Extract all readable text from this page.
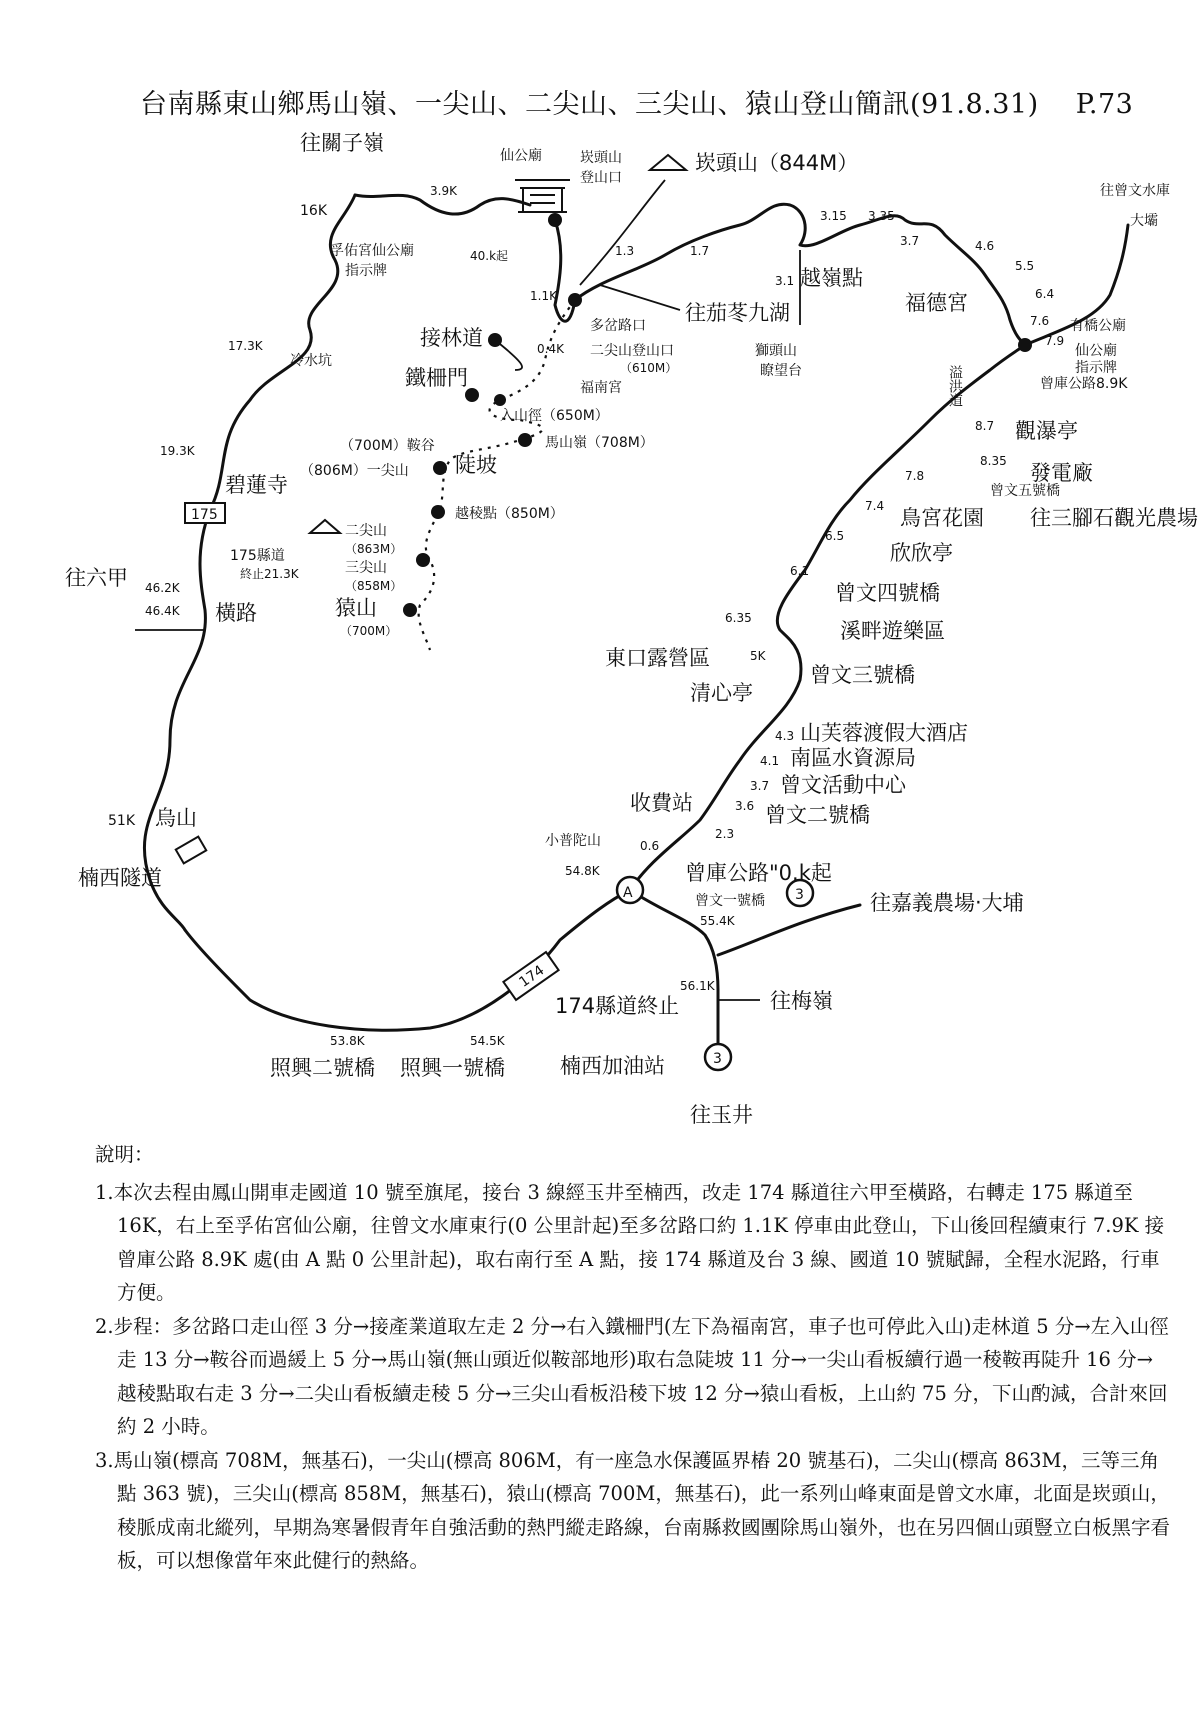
台南縣東山鄉馬山嶺、一尖山、二尖山、三尖山、猿山登山簡訊(91.8.31) P.73
A	3
3
175
174
往關子嶺
16K
3.9K
孚佑宮仙公廟
指示牌
17.3K
冷水坑
19.3K
碧蓮寺
175縣道
終止21.3K
往六甲 46.2K
46.4K 橫路
51K 烏山
楠西隧道
53.8K
照興二號橋
54.5K
照興一號橋
54.8K
174縣道終止
56.1K
楠西加油站
往玉井
往梅嶺
往嘉義農場‧大埔
55.4K
曾文一號橋
曾庫公路"0.k起
0.6
小普陀山
收費站
2.3
3.6 曾文二號橋
3.7 曾文活動中心
4.1 南區水資源局
4.3 山芙蓉渡假大酒店
清心亭
東口露營區	5K
曾文三號橋
6.35
溪畔遊樂區
6.1
曾文四號橋
6.5
欣欣亭
7.4 鳥宮花園
7.8
曾文五號橋
往三腳石觀光農場
8.35 發電廠
8.7 觀瀑亭
曾庫公路8.9K
7.9
仙公廟
指示牌
7.6 有橋公廟
6.4
5.5
4.6
往曾文水庫
大壩
溢洪道
福德宮
3.7
3.35
3.15
3.1 越嶺點
獅頭山
瞭望台
1.7
往茄苳九湖
1.3
崁頭山（844M）
崁頭山
登山口
仙公廟
40.k起
1.1K
多岔路口
0.4K 二尖山登山口
（610M）
福南宮
接林道
鐵柵門
入山徑（650M）
（700M）鞍谷	馬山嶺（708M）
（806M）一尖山 陡坡
越稜點（850M）
二尖山
（863M）
三尖山
（858M）
猿山
（700M）
說明：
1.本次去程由鳳山開車走國道 10 號至旗尾，接台 3 線經玉井至楠西，改走 174 縣道往六甲至橫路，右轉走 175 縣道至 16K，右上至孚佑宮仙公廟，往曾文水庫東行(0 公里計起)至多岔路口約 1.1K 停車由此登山，下山後回程續東行 7.9K 接曾庫公路 8.9K 處(由 A 點 0 公里計起)，取右南行至 A 點，接 174 縣道及台 3 線、國道 10 號賦歸，全程水泥路，行車方便。
2.步程：多岔路口走山徑 3 分→接產業道取左走 2 分→右入鐵柵門(左下為福南宮，車子也可停此入山)走林道 5 分→左入山徑走 13 分→鞍谷而過緩上 5 分→馬山嶺(無山頭近似鞍部地形)取右急陡坡 11 分→一尖山看板續行過一稜鞍再陡升 16 分→越稜點取右走 3 分→二尖山看板續走稜 5 分→三尖山看板沿稜下坡 12 分→猿山看板，上山約 75 分，下山酌減，合計來回約 2 小時。
3.馬山嶺(標高 708M，無基石)，一尖山(標高 806M，有一座急水保護區界樁 20 號基石)，二尖山(標高 863M，三等三角點 363 號)，三尖山(標高 858M，無基石)，猿山(標高 700M，無基石)，此一系列山峰東面是曾文水庫，北面是崁頭山，稜脈成南北縱列，早期為寒暑假青年自強活動的熱門縱走路線，台南縣救國團除馬山嶺外，也在另四個山頭豎立白板黑字看板，可以想像當年來此健行的熱絡。
